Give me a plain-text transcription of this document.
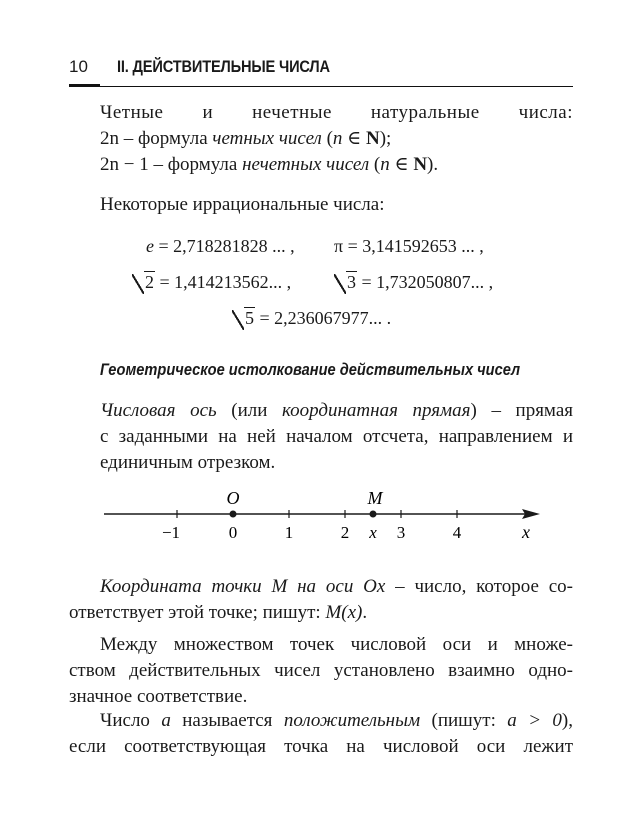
10 II. ДЕЙСТВИТЕЛЬНЫЕ ЧИСЛА
Четные и нечетные натуральные числа:
2n – формула четных чисел (n ∈ N);
2n − 1 – формула нечетных чисел (n ∈ N).
Некоторые иррациональные числа:
e = 2,718281828 ... , π = 3,141592653 ... ,
2 = 1,414213562... ,	3 = 1,732050807... ,
5 = 2,236067977... .
Геометрическое истолкование действительных чисел
Числовая ось (или координатная прямая) – прямая
с заданными на ней началом отсчета, направлением и
единичным отрезком.
O	M
−1	0	1	2 x 3	4	x
Координата точки M на оси Ox – число, которое со-
ответствует этой точке; пишут: M(x).
Между множеством точек числовой оси и множе-
ством действительных чисел установлено взаимно одно-
значное соответствие.
Число a называется положительным (пишут: a > 0),
если соответствующая точка на числовой оси лежит
